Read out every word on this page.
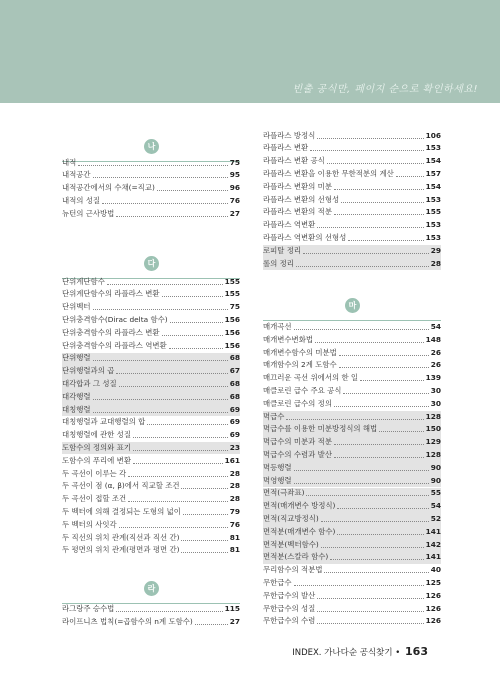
빈출 공식만, 페이지 순으로 확인하세요!
나
내적	75
내적공간	95
내적공간에서의 수채(=직교)	96
내적의 성질	76
뉴턴의 근사방법	27
다
단위계단함수	155
단위계단함수의 라플라스 변환	155
단위벡터	75
단위충격함수(Dirac delta 함수)	156
단위충격함수의 라플라스 변환	156
단위충격함수의 라플라스 역변환	156
단위행렬	68
단위행렬과의 곱	67
대각합과 그 성질	68
대각행렬	68
대칭행렬	69
대칭행렬과 교대행렬의 합	69
대칭행렬에 관한 성질	69
도함수의 정의와 표기	23
도함수의 푸리에 변환	161
두 곡선이 이루는 각	28
두 곡선이 점 (α, β)에서 직교할 조건	28
두 곡선이 접할 조건	28
두 벡터에 의해 결정되는 도형의 넓이	79
두 벡터의 사잇각	76
두 직선의 위치 관계(직선과 직선 간)	81
두 평면의 위치 관계(평면과 평면 간)	81
라
라그랑주 승수법	115
라이프니츠 법칙(=곱함수의 n계 도함수)	27
라플라스 방정식	106
라플라스 변환	153
라플라스 변환 공식	154
라플라스 변환을 이용한 무한적분의 계산	157
라플라스 변환의 미분	154
라플라스 변환의 선형성	153
라플라스 변환의 적분	155
라플라스 역변환	153
라플라스 역변환의 선형성	153
로피탈 정리	29
롤의 정리	28
마
매개곡선	54
매개변수변화법	148
매개변수함수의 미분법	26
매개함수의 2계 도함수	26
매끄러운 곡선 위에서의 한 일	139
매클로린 급수 주요 공식	30
매클로린 급수의 정의	30
멱급수	128
멱급수를 이용한 미분방정식의 해법	150
멱급수의 미분과 적분	129
멱급수의 수렴과 발산	128
멱등행렬	90
멱영행렬	90
면적(극좌표)	55
면적(매개변수 방정식)	54
면적(직교방정식)	52
면적분(매개변수 함수)	141
면적분(벡터함수)	142
면적분(스칼라 함수)	141
무리함수의 적분법	40
무한급수	125
무한급수의 발산	126
무한급수의 성질	126
무한급수의 수렴	126
INDEX. 가나다순 공식찾기 • 163
